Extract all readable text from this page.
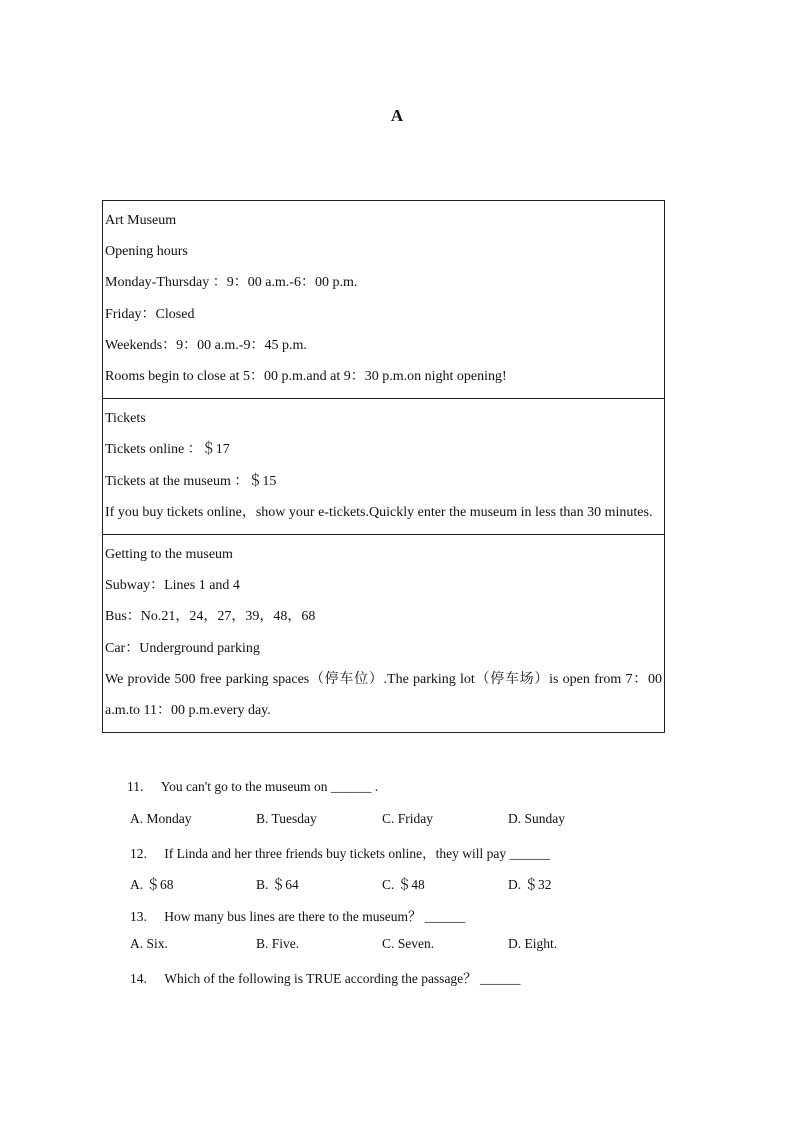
A
Art Museum
Opening hours
Monday-Thursday ：9：00 a.m.-6：00 p.m.
Friday：Closed
Weekends：9：00 a.m.-9：45 p.m.
Rooms begin to close at 5：00 p.m.and at 9：30 p.m.on night opening!

Tickets
Tickets online ：＄17
Tickets at the museum ：＄15
If you buy tickets online，show your e-tickets.Quickly enter the museum in less than 30 minutes.

Getting to the museum
Subway：Lines 1 and 4
Bus：No.21，24，27，39，48，68
Car：Underground parking
We provide 500 free parking spaces（停车位）.The parking lot（停车场）is open from 7：00 a.m.to 11：00 p.m.every day.
11. You can't go to the museum on ______ .
A. Monday	B. Tuesday	C. Friday	D. Sunday
12. If Linda and her three friends buy tickets online，they will pay ______
A. ＄68	B. ＄64	C. ＄48	D. ＄32
13. How many bus lines are there to the museum？ ______
A. Six.	B. Five.	C. Seven.	D. Eight.
14. Which of the following is TRUE according the passage？ ______
